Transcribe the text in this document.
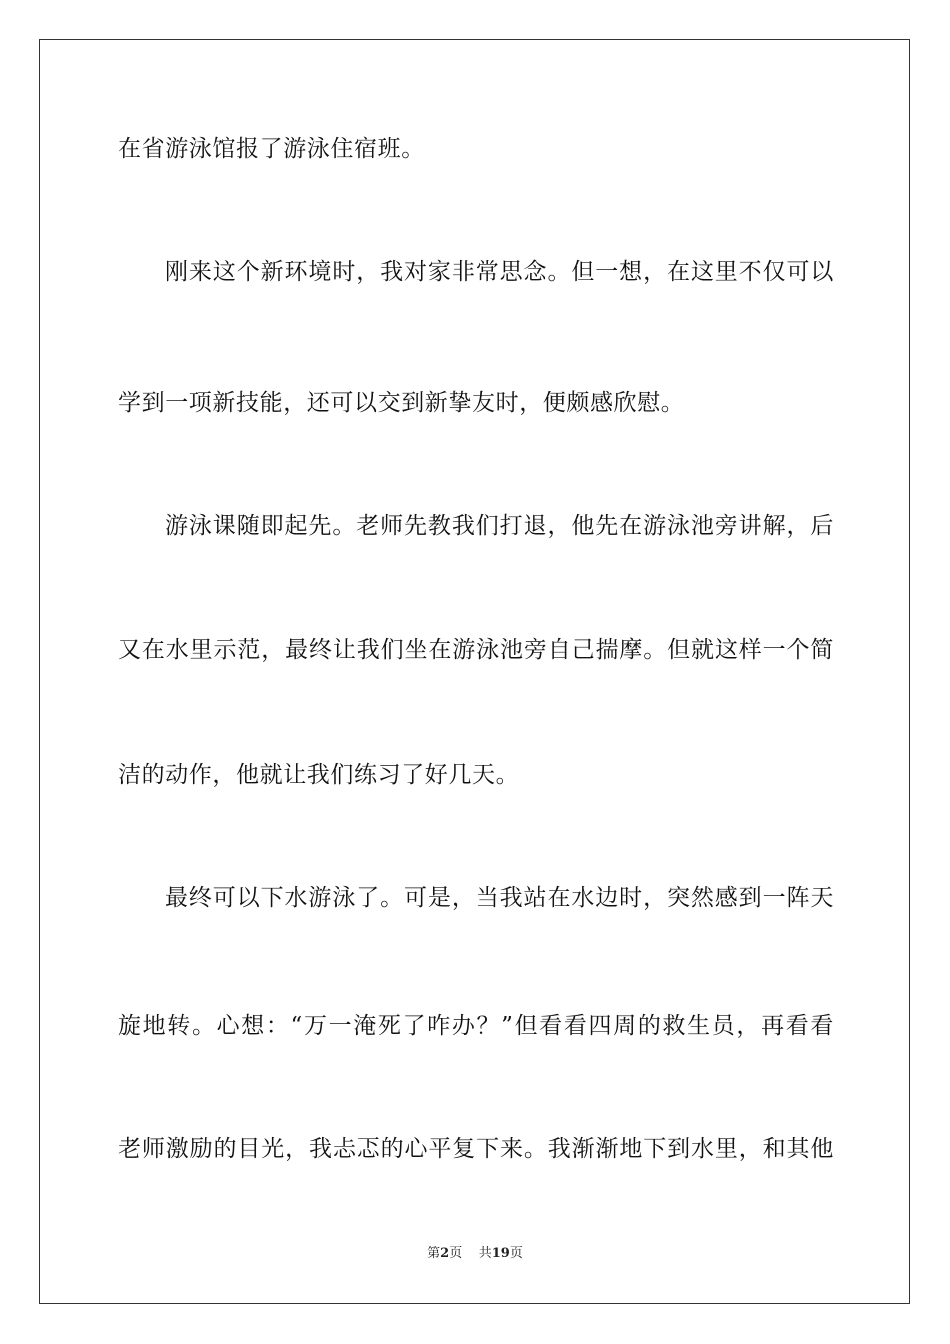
在省游泳馆报了游泳住宿班。
刚来这个新环境时，我对家非常思念。但一想，在这里不仅可以
学到一项新技能，还可以交到新挚友时，便颇感欣慰。
游泳课随即起先。老师先教我们打退，他先在游泳池旁讲解，后
又在水里示范，最终让我们坐在游泳池旁自己揣摩。但就这样一个简
洁的动作，他就让我们练习了好几天。
最终可以下水游泳了。可是，当我站在水边时，突然感到一阵天
旋地转。心想：“万一淹死了咋办？”但看看四周的救生员，再看看
老师激励的目光，我忐忑的心平复下来。我渐渐地下到水里，和其他
第2页 共19页
